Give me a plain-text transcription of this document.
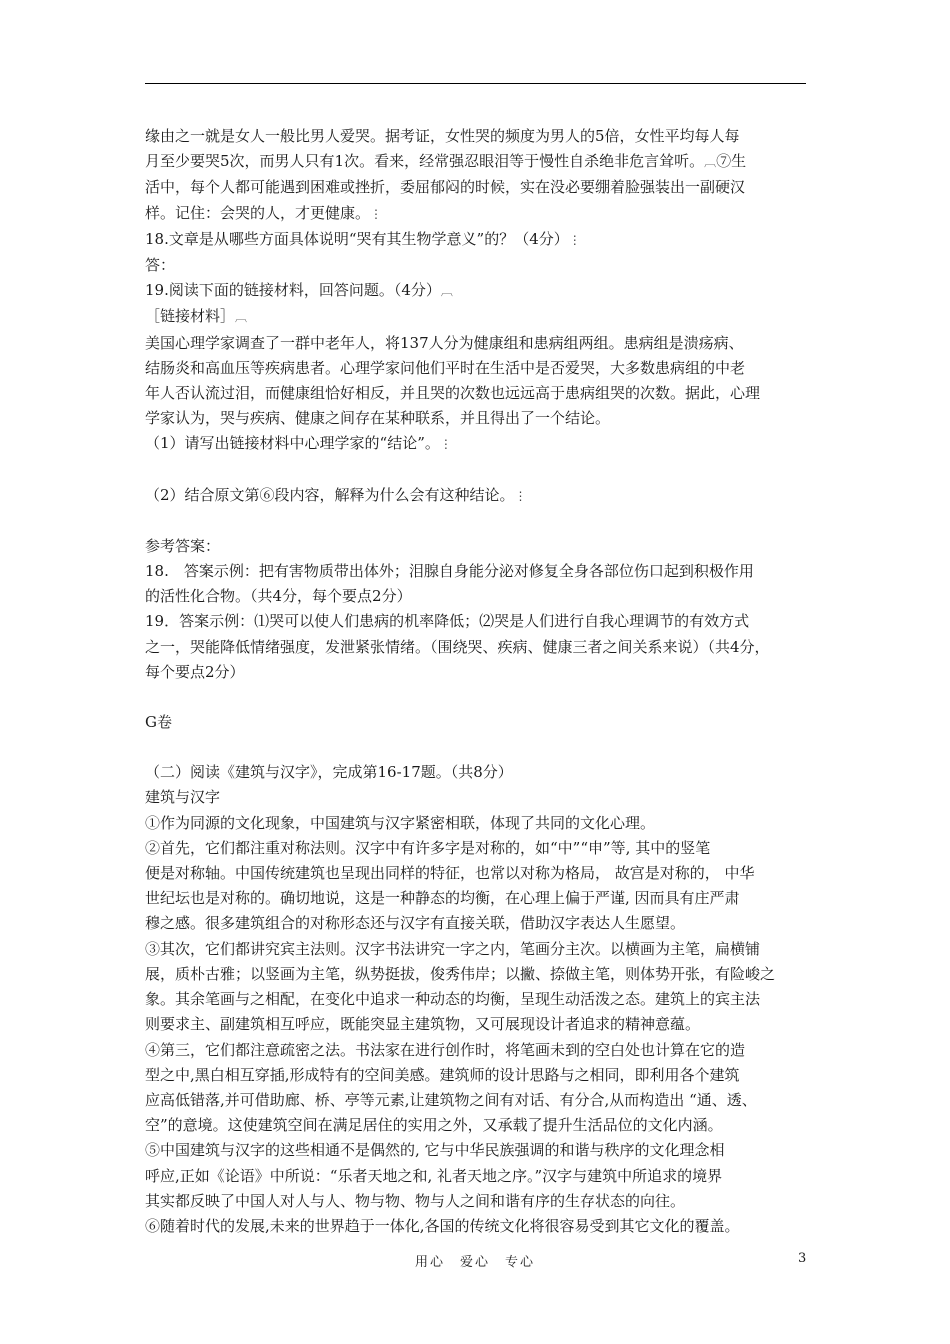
缘由之一就是女人一般比男人爱哭。据考证，女性哭的频度为男人的5倍，女性平均每人每

月至少要哭5次，而男人只有1次。看来，经常强忍眼泪等于慢性自杀绝非危言耸听。︹⑦生

活中，每个人都可能遇到困难或挫折，委屈郁闷的时候，实在没必要绷着脸强装出一副硬汉

样。记住：会哭的人，才更健康。⋮

18.文章是从哪些方面具体说明“哭有其生物学意义”的？（4分）⋮

答：

19.阅读下面的链接材料，回答问题。（4分）︹

［链接材料］︹

美国心理学家调查了一群中老年人，将137人分为健康组和患病组两组。患病组是溃疡病、

结肠炎和高血压等疾病患者。心理学家问他们平时在生活中是否爱哭，大多数患病组的中老

年人否认流过泪，而健康组恰好相反，并且哭的次数也远远高于患病组哭的次数。据此，心理

学家认为，哭与疾病、健康之间存在某种联系，并且得出了一个结论。

（1）请写出链接材料中心理学家的“结论”。⋮

（2）结合原文第⑥段内容，解释为什么会有这种结论。⋮

参考答案：

18.　答案示例：把有害物质带出体外；泪腺自身能分泌对修复全身各部位伤口起到积极作用

的活性化合物。（共4分，每个要点2分）

19．答案示例：⑴哭可以使人们患病的机率降低；⑵哭是人们进行自我心理调节的有效方式

之一，哭能降低情绪强度，发泄紧张情绪。（围绕哭、疾病、健康三者之间关系来说）（共4分，

每个要点2分）

G卷

（二）阅读《建筑与汉字》，完成第16-17题。（共8分）

建筑与汉字

①作为同源的文化现象，中国建筑与汉字紧密相联，体现了共同的文化心理。

②首先，它们都注重对称法则。汉字中有许多字是对称的，如“中”“申”等, 其中的竖笔

便是对称轴。中国传统建筑也呈现出同样的特征，也常以对称为格局， 故宫是对称的， 中华

世纪坛也是对称的。确切地说，这是一种静态的均衡，在心理上偏于严谨, 因而具有庄严肃

穆之感。很多建筑组合的对称形态还与汉字有直接关联，借助汉字表达人生愿望。

③其次，它们都讲究宾主法则。汉字书法讲究一字之内，笔画分主次。以横画为主笔，扁横铺

展，质朴古雅；以竖画为主笔，纵势挺拔，俊秀伟岸；以撇、捺做主笔，则体势开张，有险峻之

象。其余笔画与之相配，在变化中追求一种动态的均衡，呈现生动活泼之态。建筑上的宾主法

则要求主、副建筑相互呼应，既能突显主建筑物，又可展现设计者追求的精神意蕴。

④第三，它们都注意疏密之法。书法家在进行创作时，将笔画未到的空白处也计算在它的造

型之中,黑白相互穿插,形成特有的空间美感。建筑师的设计思路与之相同，即利用各个建筑

应高低错落,并可借助廊、桥、亭等元素,让建筑物之间有对话、有分合,从而构造出 “通、透、

空”的意境。这使建筑空间在满足居住的实用之外，又承载了提升生活品位的文化内涵。

⑤中国建筑与汉字的这些相通不是偶然的, 它与中华民族强调的和谐与秩序的文化理念相

呼应,正如《论语》中所说：“乐者天地之和, 礼者天地之序。”汉字与建筑中所追求的境界

其实都反映了中国人对人与人、物与物、物与人之间和谐有序的生存状态的向往。

⑥随着时代的发展,未来的世界趋于一体化,各国的传统文化将很容易受到其它文化的覆盖。

用心　爱心　专心	3
